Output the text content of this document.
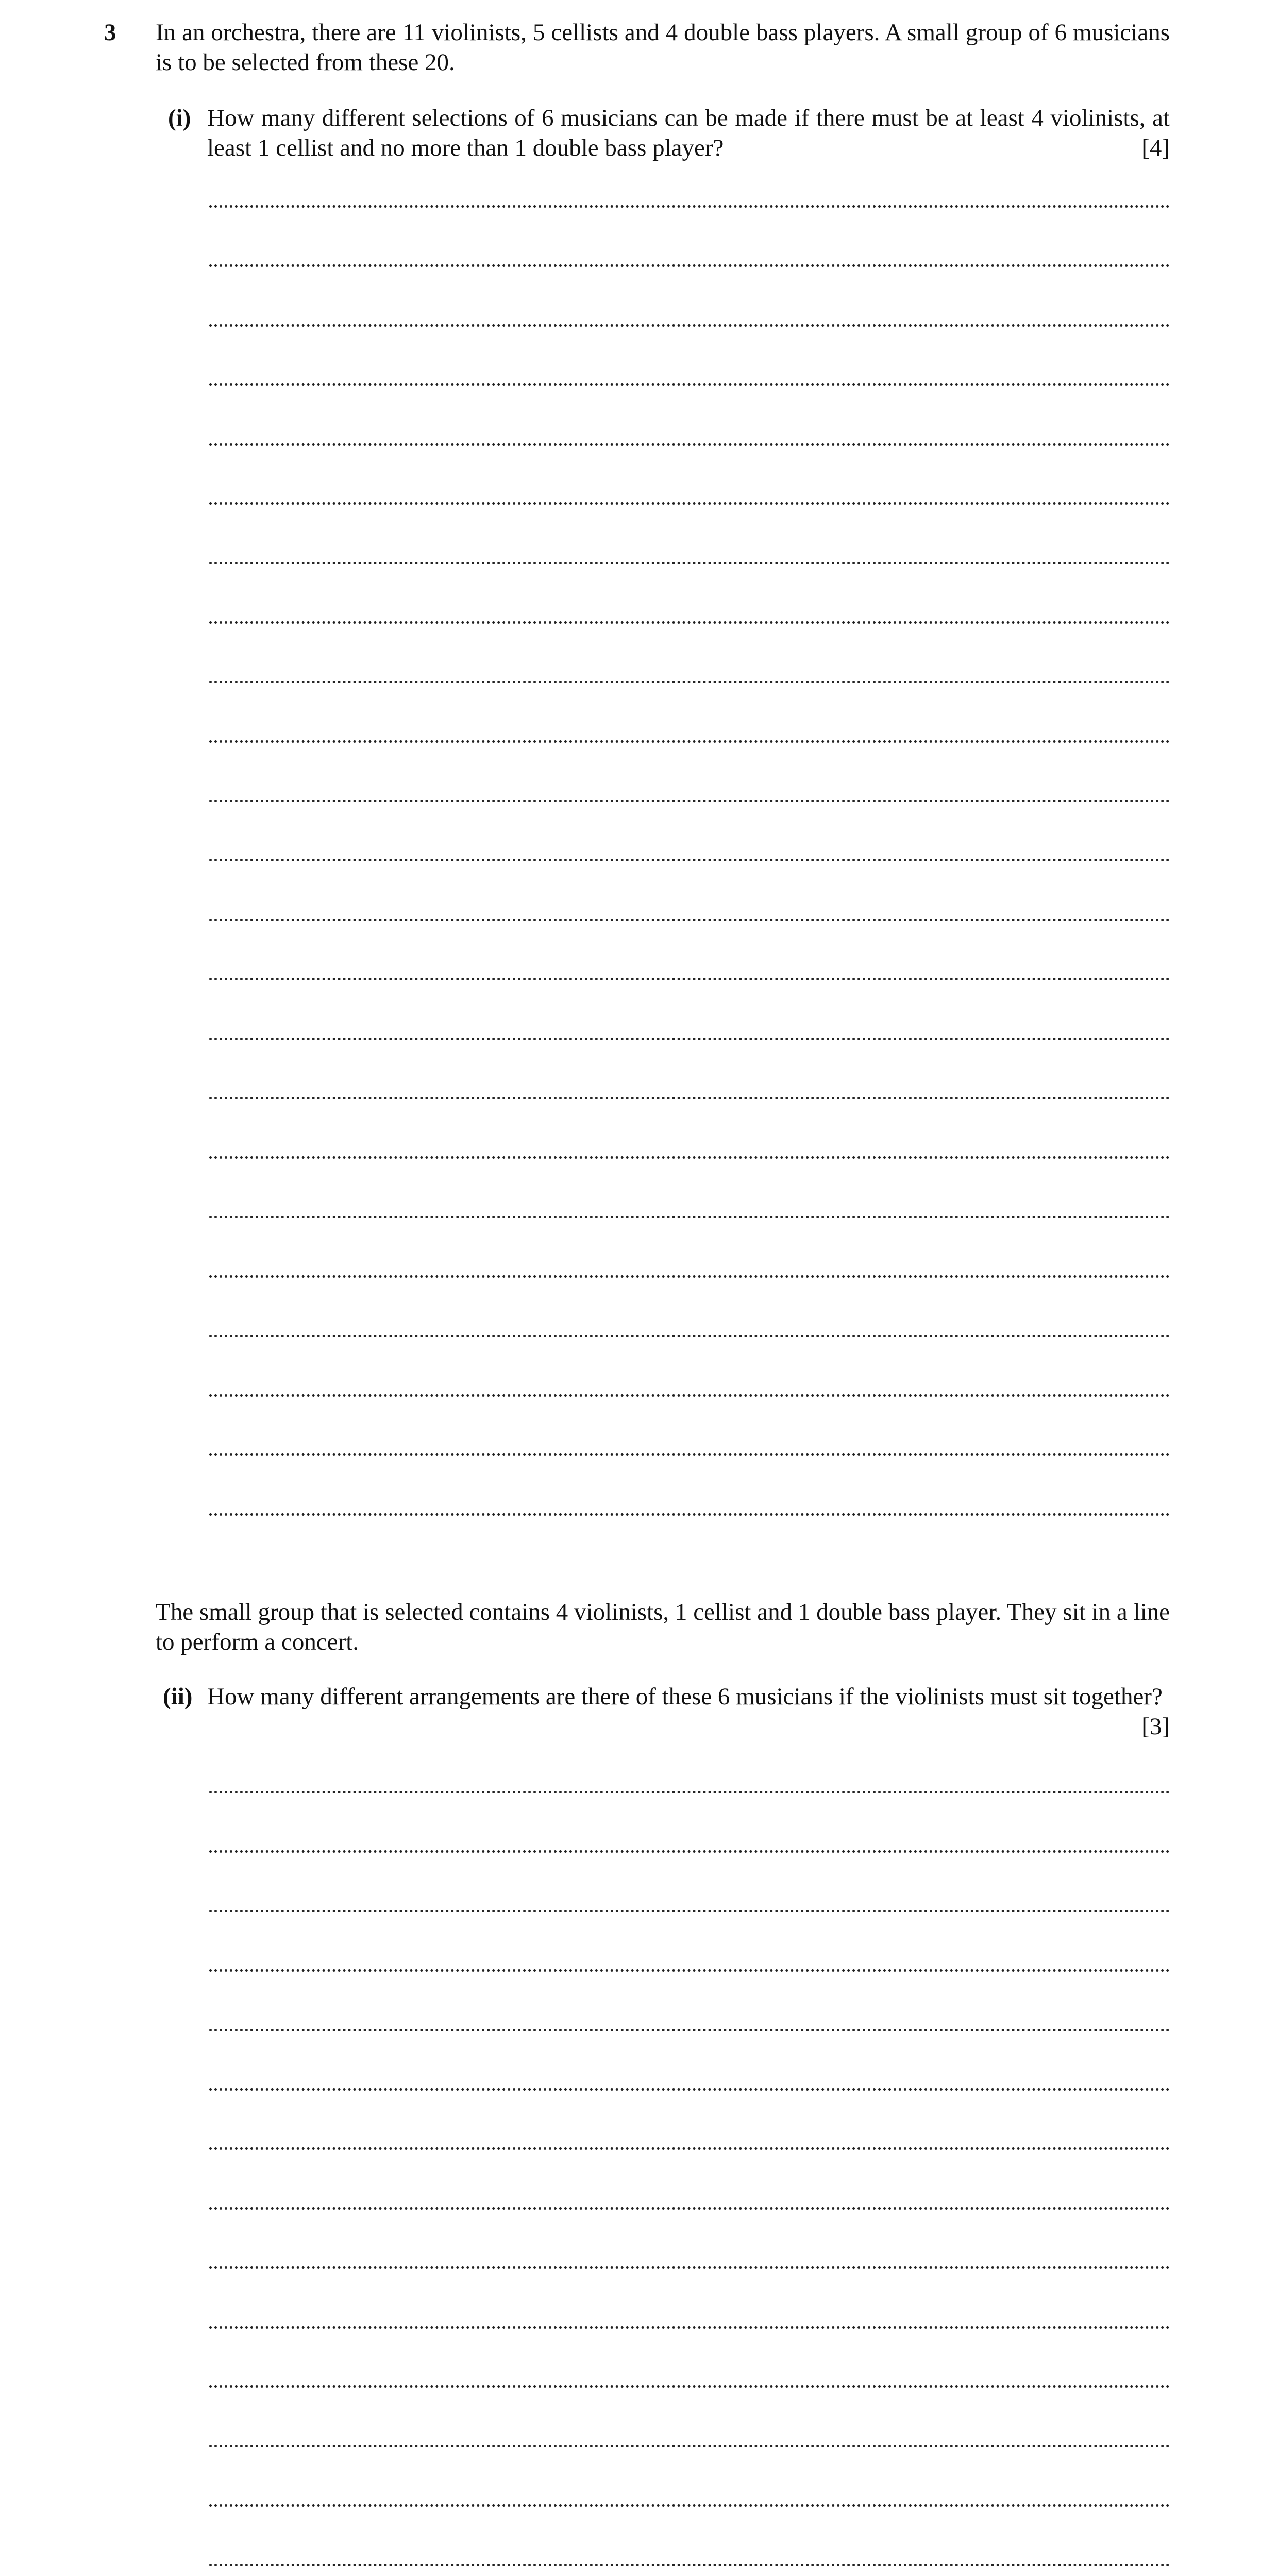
3 In an orchestra, there are 11 violinists, 5 cellists and 4 double bass players. A small group of 6 musicians is to be selected from these 20.
(i) How many different selections of 6 musicians can be made if there must be at least 4 violinists, at least 1 cellist and no more than 1 double bass player?	[4]
The small group that is selected contains 4 violinists, 1 cellist and 1 double bass player. They sit in a line to perform a concert.
(ii) How many different arrangements are there of these 6 musicians if the violinists must sit together?
[3]
